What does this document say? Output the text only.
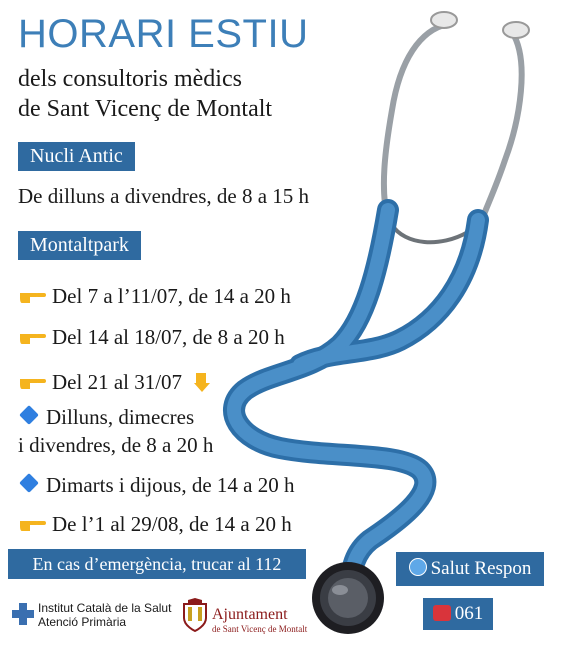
HORARI ESTIU
dels consultoris mèdics
de Sant Vicenç de Montalt
Nucli Antic
De dilluns a divendres, de 8 a 15 h
Montaltpark
Del 7 a l’11/07, de 14 a 20 h
Del 14 al 18/07, de 8 a 20 h
Del 21 al 31/07
Dilluns, dimecres
i divendres, de 8 a 20 h
Dimarts i dijous, de 14 a 20 h
De l’1 al 29/08, de 14 a 20 h
En cas d’emergència, trucar al 112	Salut Respon
061
Institut Català de la Salut
Atenció Primària	Ajuntament
de Sant Vicenç de Montalt
